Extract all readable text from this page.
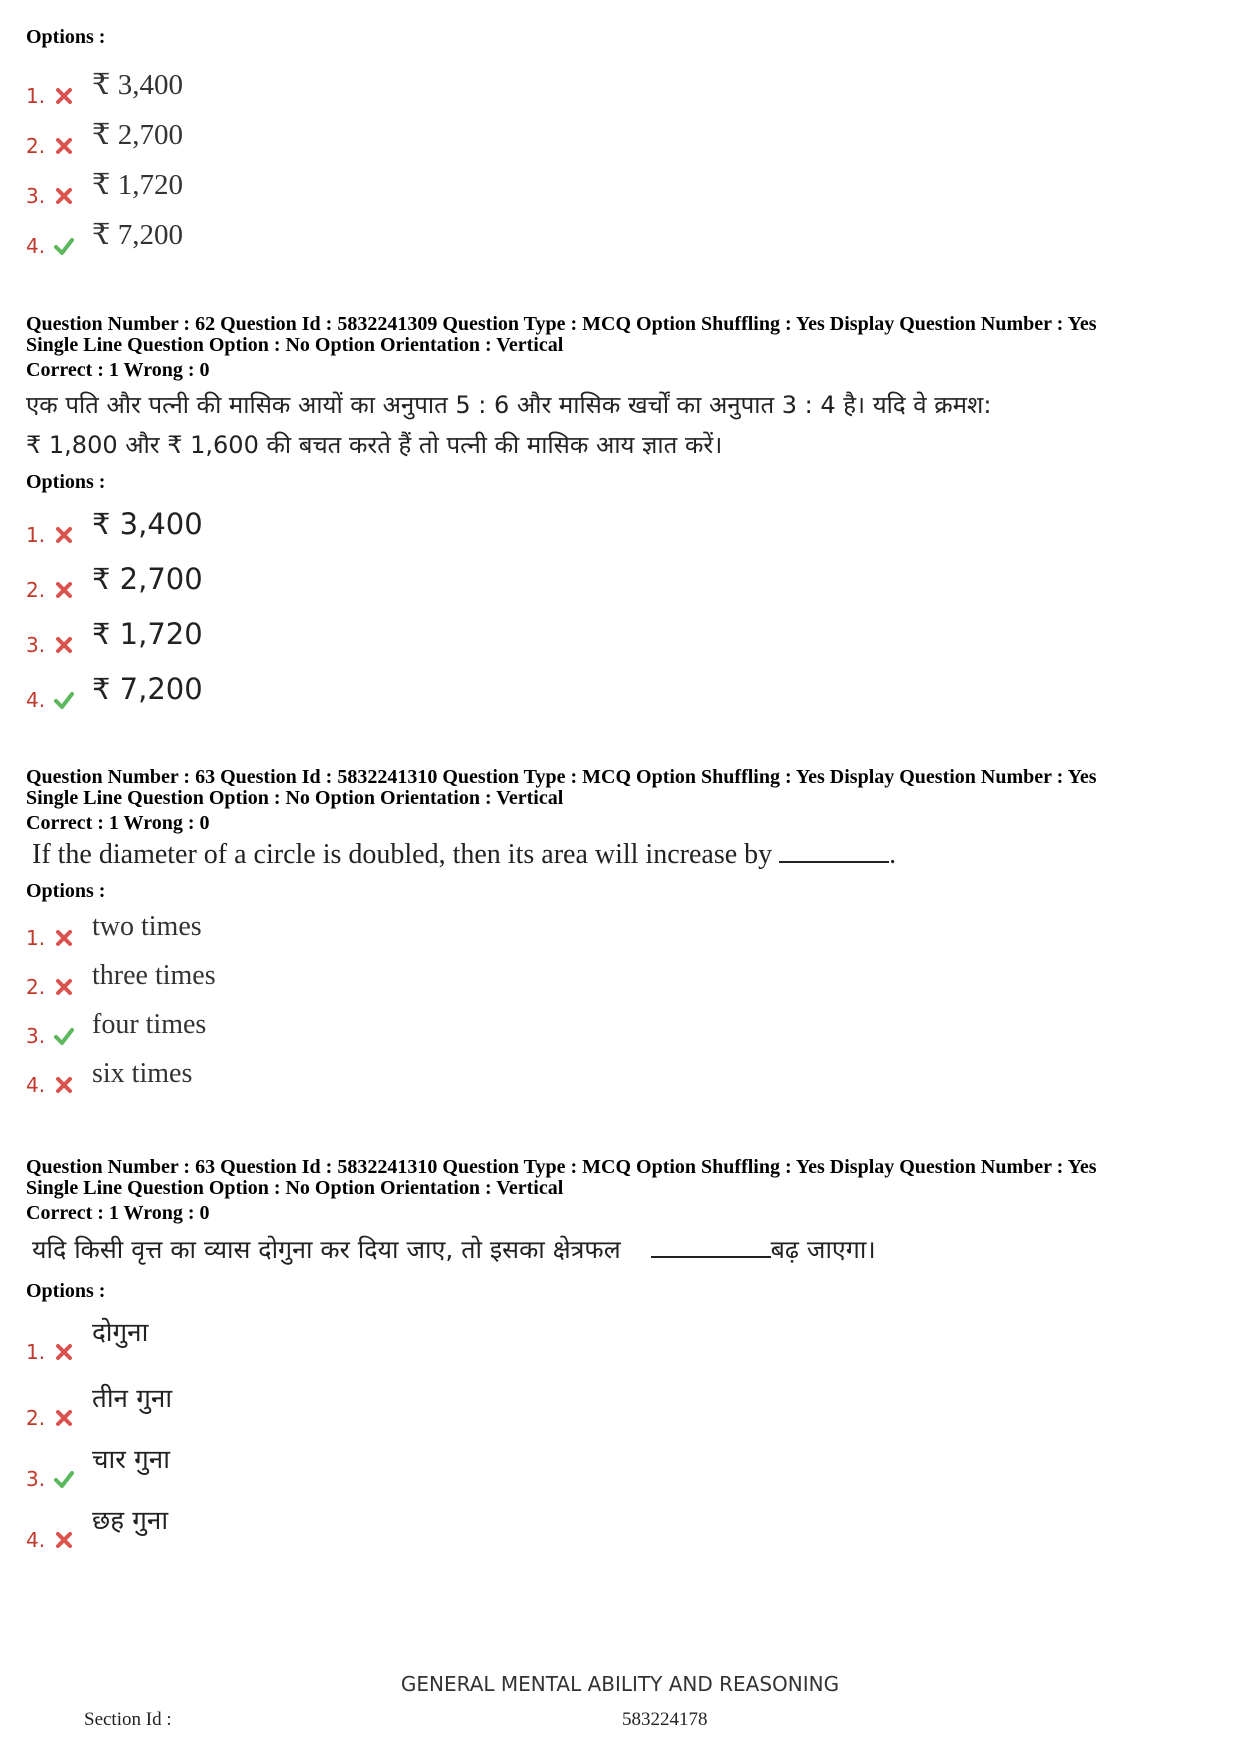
Options :
1. ₹ 3,400
2. ₹ 2,700
3. ₹ 1,720
4. ₹ 7,200
Question Number : 62 Question Id : 5832241309 Question Type : MCQ Option Shuffling : Yes Display Question Number : Yes
Single Line Question Option : No Option Orientation : Vertical
Correct : 1 Wrong : 0
एक पति और पत्नी की मासिक आयों का अनुपात 5 : 6 और मासिक खर्चों का अनुपात 3 : 4 है। यदि वे क्रमश:
₹ 1,800 और ₹ 1,600 की बचत करते हैं तो पत्नी की मासिक आय ज्ञात करें।
Options :
1. ₹ 3,400
2. ₹ 2,700
3. ₹ 1,720
4. ₹ 7,200
Question Number : 63 Question Id : 5832241310 Question Type : MCQ Option Shuffling : Yes Display Question Number : Yes
Single Line Question Option : No Option Orientation : Vertical
Correct : 1 Wrong : 0
If the diameter of a circle is doubled, then its area will increase by	.
Options :
1. two times
2. three times
3. four times
4. six times
Question Number : 63 Question Id : 5832241310 Question Type : MCQ Option Shuffling : Yes Display Question Number : Yes
Single Line Question Option : No Option Orientation : Vertical
Correct : 1 Wrong : 0
यदि किसी वृत्त का व्यास दोगुना कर दिया जाए, तो इसका क्षेत्रफल	बढ़ जाएगा।
Options :
1.
दोगुना
2.
तीन गुना
3.
चार गुना
4.
छह गुना
GENERAL MENTAL ABILITY AND REASONING
Section Id :	583224178
